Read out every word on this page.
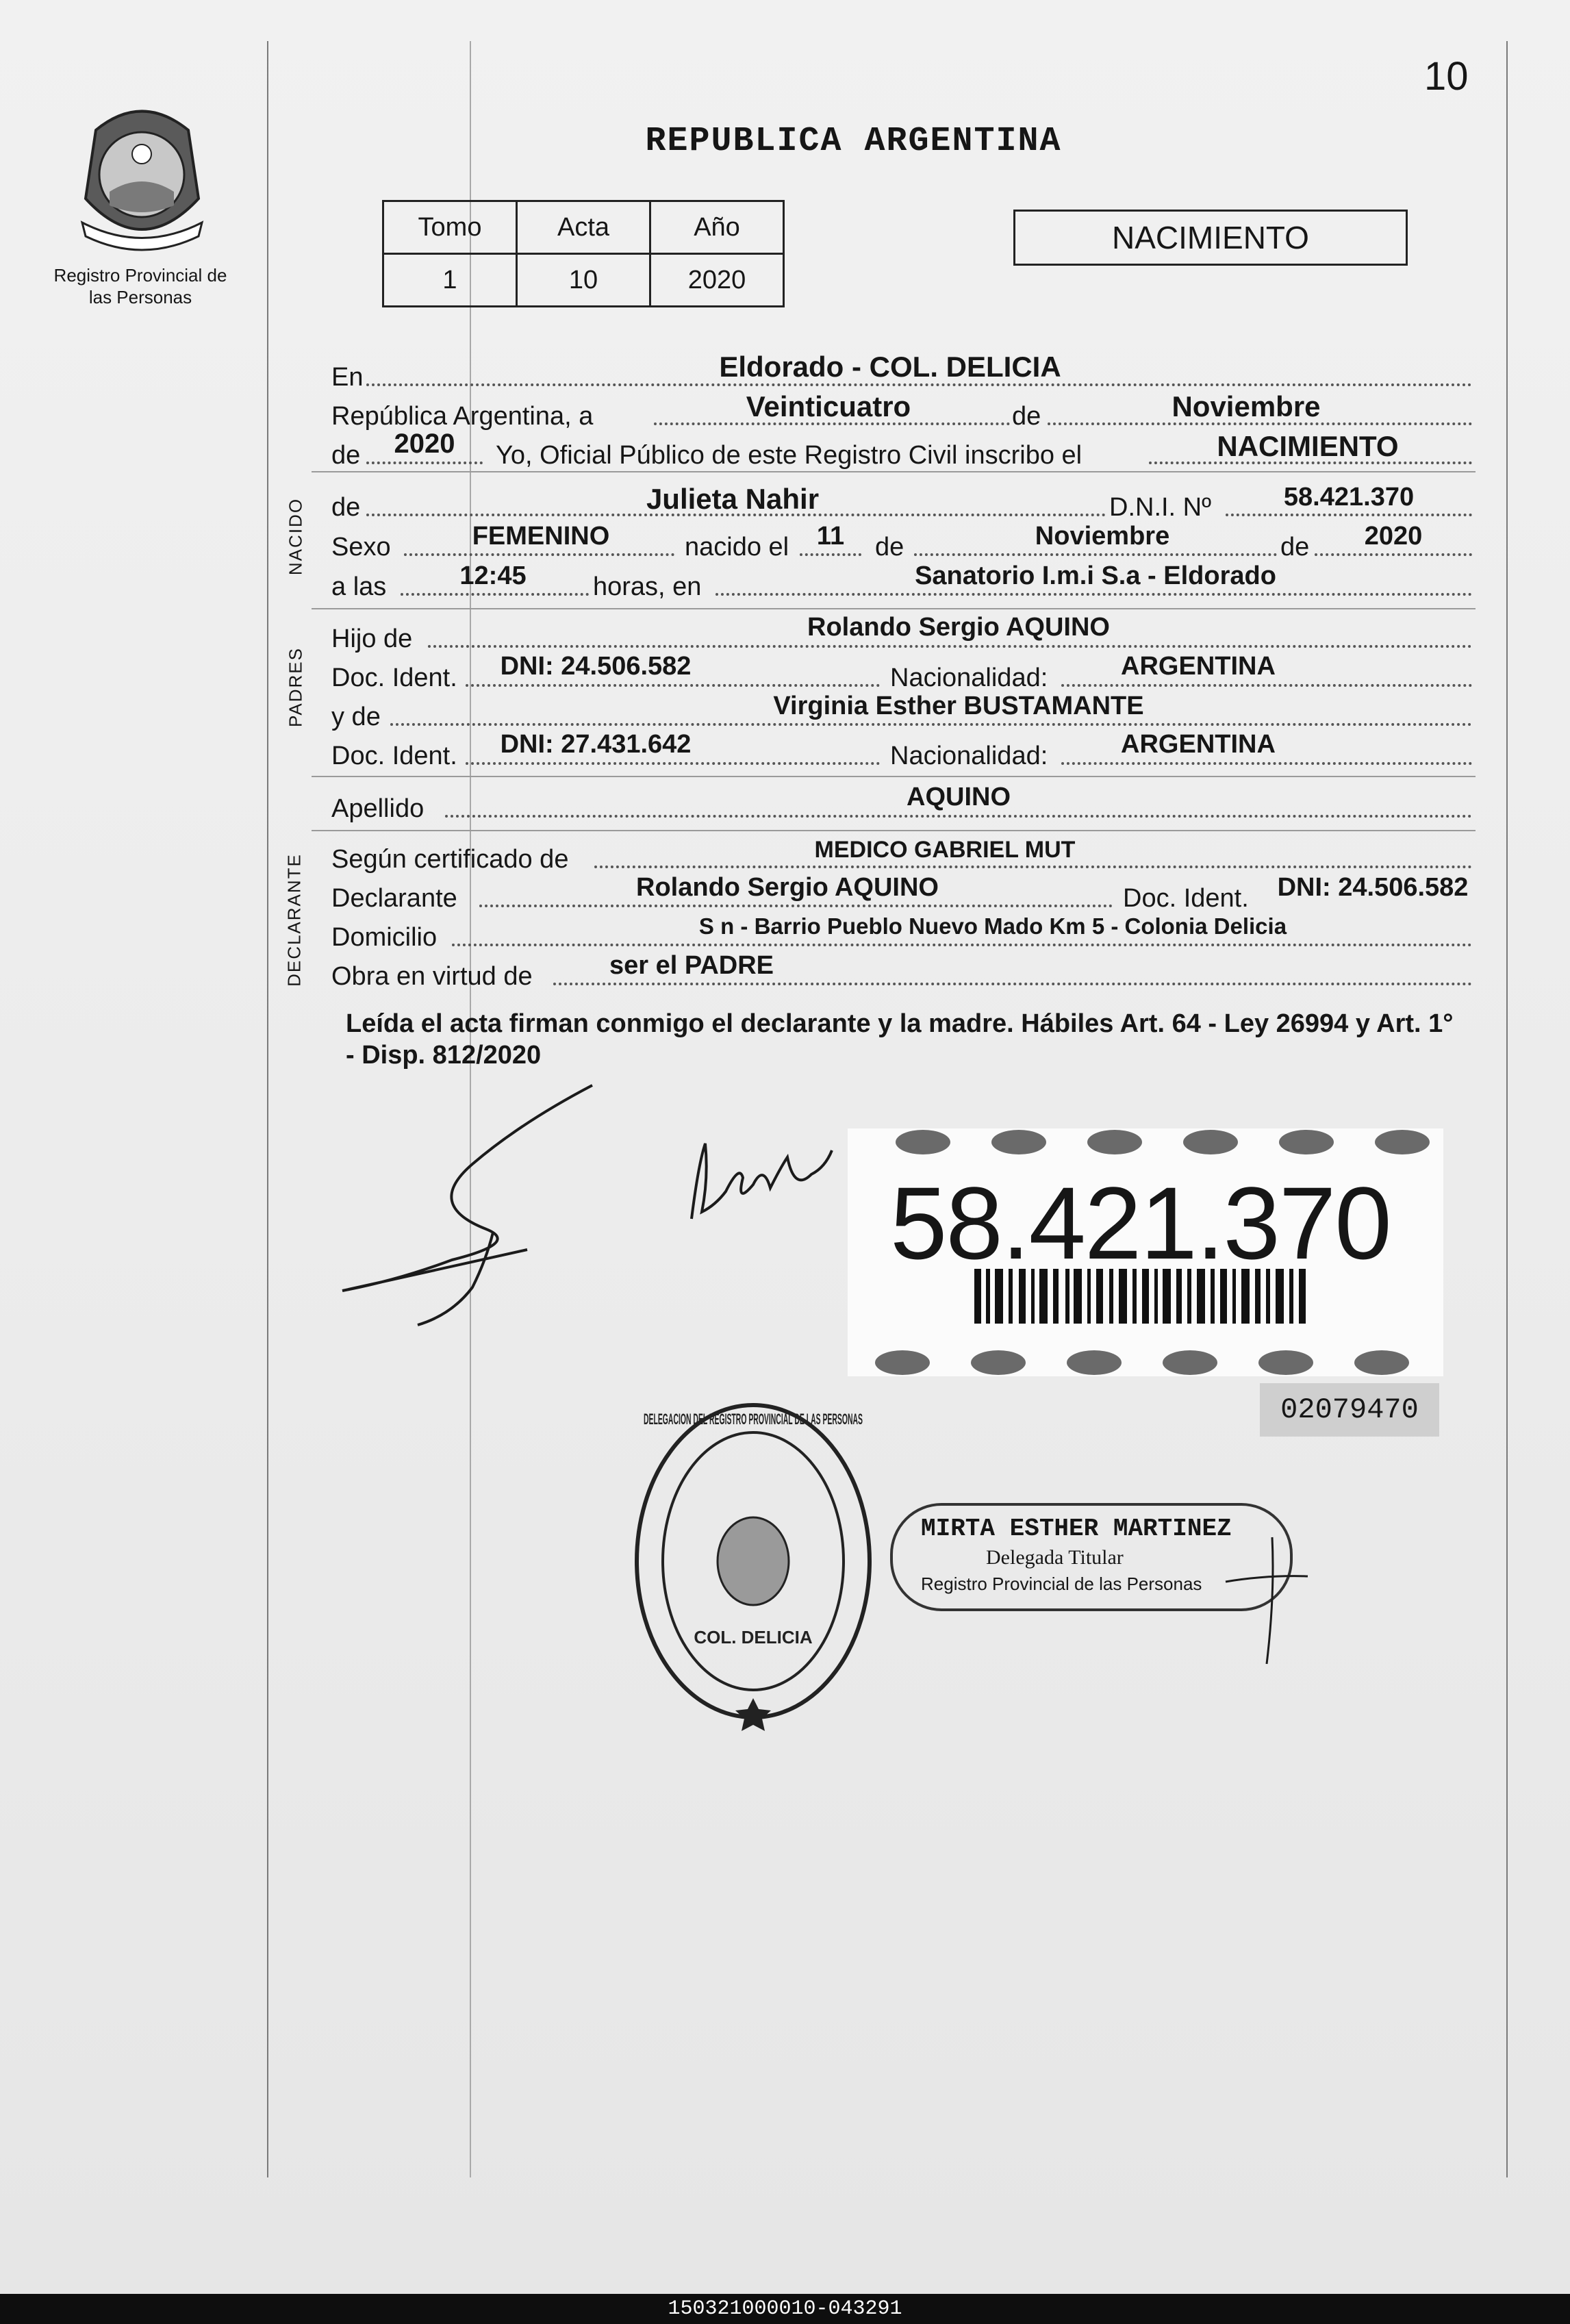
10
Registro Provincial de las Personas
REPUBLICA ARGENTINA
Tomo	Acta	Año
1	10	2020
NACIMIENTO
En	Eldorado - COL. DELICIA
República Argentina, a	Veinticuatro	de	Noviembre
de	2020	Yo, Oficial Público de este Registro Civil inscribo el	NACIMIENTO
NACIDO de	Julieta Nahir	D.N.I. Nº	58.421.370
Sexo	FEMENINO	nacido el	11	de	Noviembre	de	2020
a las	12:45	horas, en	Sanatorio I.m.i S.a - Eldorado
PADRES
Hijo de	Rolando Sergio AQUINO
Doc. Ident.	DNI: 24.506.582	Nacionalidad:	ARGENTINA
y de	Virginia Esther BUSTAMANTE
Doc. Ident.	DNI: 27.431.642	Nacionalidad:	ARGENTINA
Apellido	AQUINO
DECLARANTE Según certificado de	MEDICO GABRIEL MUT
Declarante	Rolando Sergio AQUINO	Doc. Ident.	DNI: 24.506.582
Domicilio	S n - Barrio Pueblo Nuevo Mado Km 5 - Colonia Delicia
Obra en virtud de	ser el PADRE
Leída el acta firman conmigo el declarante y la madre. Hábiles Art. 64 - Ley 26994 y Art. 1° - Disp. 812/2020
58.421.370
02079470
DELEGACION DEL REGISTRO PROVINCIAL DE LAS PERSONAS
COL. DELICIA
MIRTA ESTHER MARTINEZ
Delegada Titular
Registro Provincial de las Personas
150321000010-043291
